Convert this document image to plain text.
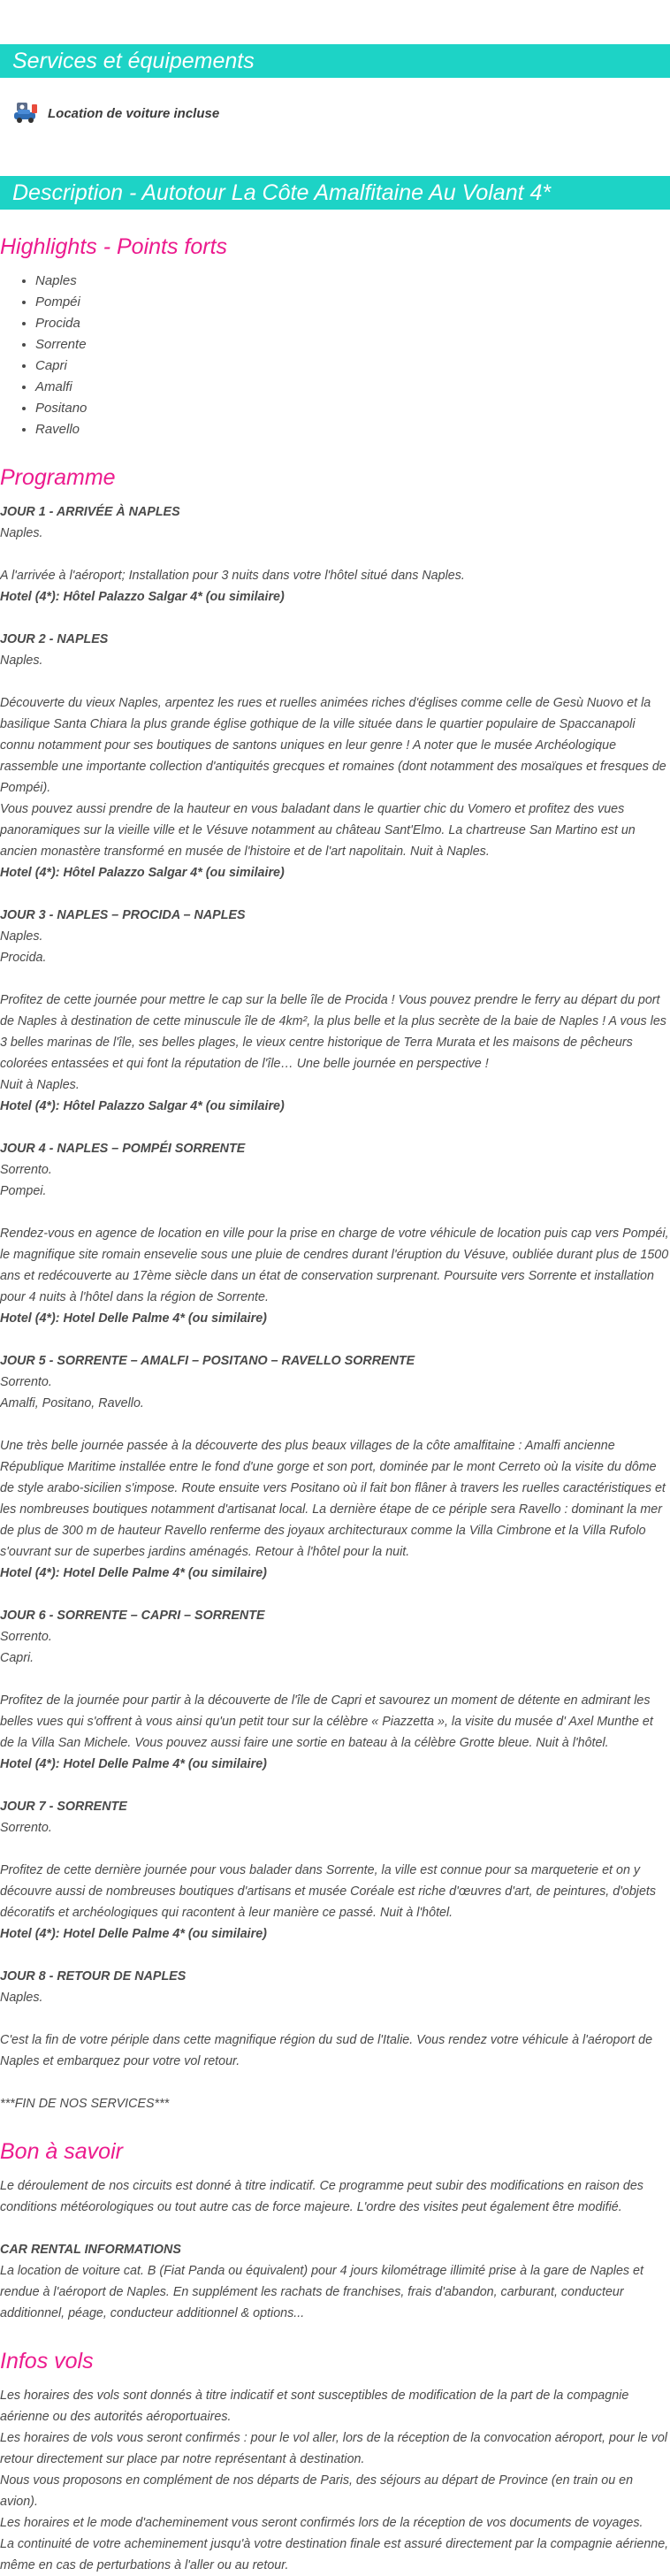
Services et équipements
Location de voiture incluse
Description - Autotour La Côte Amalfitaine Au Volant 4*
Highlights - Points forts
• Naples
• Pompéi
• Procida
• Sorrente
• Capri
• Amalfi
• Positano
• Ravello
Programme
JOUR 1 - ARRIVÉE À NAPLES
Naples.
A l'arrivée à l'aéroport; Installation pour 3 nuits dans votre l'hôtel situé dans Naples.
Hotel (4*): Hôtel Palazzo Salgar 4* (ou similaire)
JOUR 2 - NAPLES
Naples.
Découverte du vieux Naples, arpentez les rues et ruelles animées riches d'églises comme celle de Gesù Nuovo et la basilique Santa Chiara la plus grande église gothique de la ville située dans le quartier populaire de Spaccanapoli connu notamment pour ses boutiques de santons uniques en leur genre ! A noter que le musée Archéologique rassemble une importante collection d'antiquités grecques et romaines (dont notamment des mosaïques et fresques de Pompéi).
Vous pouvez aussi prendre de la hauteur en vous baladant dans le quartier chic du Vomero et profitez des vues panoramiques sur la vieille ville et le Vésuve notamment au château Sant'Elmo. La chartreuse San Martino est un ancien monastère transformé en musée de l'histoire et de l'art napolitain. Nuit à Naples.
Hotel (4*): Hôtel Palazzo Salgar 4* (ou similaire)
JOUR 3 - NAPLES – PROCIDA – NAPLES
Naples.
Procida.
Profitez de cette journée pour mettre le cap sur la belle île de Procida ! Vous pouvez prendre le ferry au départ du port de Naples à destination de cette minuscule île de 4km², la plus belle et la plus secrète de la baie de Naples ! A vous les 3 belles marinas de l'île, ses belles plages, le vieux centre historique de Terra Murata et les maisons de pêcheurs colorées entassées et qui font la réputation de l'île… Une belle journée en perspective !
Nuit à Naples.
Hotel (4*): Hôtel Palazzo Salgar 4* (ou similaire)
JOUR 4 - NAPLES – POMPÉI SORRENTE
Sorrento.
Pompei.
Rendez-vous en agence de location en ville pour la prise en charge de votre véhicule de location puis cap vers Pompéi, le magnifique site romain ensevelie sous une pluie de cendres durant l'éruption du Vésuve, oubliée durant plus de 1500 ans et redécouverte au 17ème siècle dans un état de conservation surprenant. Poursuite vers Sorrente et installation pour 4 nuits à l'hôtel dans la région de Sorrente.
Hotel (4*): Hotel Delle Palme 4* (ou similaire)
JOUR 5 - SORRENTE – AMALFI – POSITANO – RAVELLO SORRENTE
Sorrento.
Amalfi, Positano, Ravello.
Une très belle journée passée à la découverte des plus beaux villages de la côte amalfitaine : Amalfi ancienne République Maritime installée entre le fond d'une gorge et son port, dominée par le mont Cerreto où la visite du dôme de style arabo-sicilien s'impose. Route ensuite vers Positano où il fait bon flâner à travers les ruelles caractéristiques et les nombreuses boutiques notamment d'artisanat local. La dernière étape de ce périple sera Ravello : dominant la mer de plus de 300 m de hauteur Ravello renferme des joyaux architecturaux comme la Villa Cimbrone et la Villa Rufolo s'ouvrant sur de superbes jardins aménagés. Retour à l'hôtel pour la nuit.
Hotel (4*): Hotel Delle Palme 4* (ou similaire)
JOUR 6 - SORRENTE – CAPRI – SORRENTE
Sorrento.
Capri.
Profitez de la journée pour partir à la découverte de l'île de Capri et savourez un moment de détente en admirant les belles vues qui s'offrent à vous ainsi qu'un petit tour sur la célèbre « Piazzetta », la visite du musée d' Axel Munthe et de la Villa San Michele. Vous pouvez aussi faire une sortie en bateau à la célèbre Grotte bleue. Nuit à l'hôtel.
Hotel (4*): Hotel Delle Palme 4* (ou similaire)
JOUR 7 - SORRENTE
Sorrento.
Profitez de cette dernière journée pour vous balader dans Sorrente, la ville est connue pour sa marqueterie et on y découvre aussi de nombreuses boutiques d'artisans et musée Coréale est riche d'œuvres d'art, de peintures, d'objets décoratifs et archéologiques qui racontent à leur manière ce passé. Nuit à l'hôtel.
Hotel (4*): Hotel Delle Palme 4* (ou similaire)
JOUR 8 - RETOUR DE NAPLES
Naples.
C'est la fin de votre périple dans cette magnifique région du sud de l'Italie. Vous rendez votre véhicule à l'aéroport de Naples et embarquez pour votre vol retour.
***FIN DE NOS SERVICES***
Bon à savoir
Le déroulement de nos circuits est donné à titre indicatif. Ce programme peut subir des modifications en raison des conditions météorologiques ou tout autre cas de force majeure. L'ordre des visites peut également être modifié.
CAR RENTAL INFORMATIONS
La location de voiture cat. B (Fiat Panda ou équivalent) pour 4 jours kilométrage illimité prise à la gare de Naples et rendue à l'aéroport de Naples. En supplément les rachats de franchises, frais d'abandon, carburant, conducteur additionnel, péage, conducteur additionnel & options...
Infos vols
Les horaires des vols sont donnés à titre indicatif et sont susceptibles de modification de la part de la compagnie aérienne ou des autorités aéroportuaires.
Les horaires de vols vous seront confirmés : pour le vol aller, lors de la réception de la convocation aéroport, pour le vol retour directement sur place par notre représentant à destination.
Nous vous proposons en complément de nos départs de Paris, des séjours au départ de Province (en train ou en avion).
Les horaires et le mode d'acheminement vous seront confirmés lors de la réception de vos documents de voyages.
La continuité de votre acheminement jusqu'à votre destination finale est assuré directement par la compagnie aérienne, même en cas de perturbations à l'aller ou au retour.
